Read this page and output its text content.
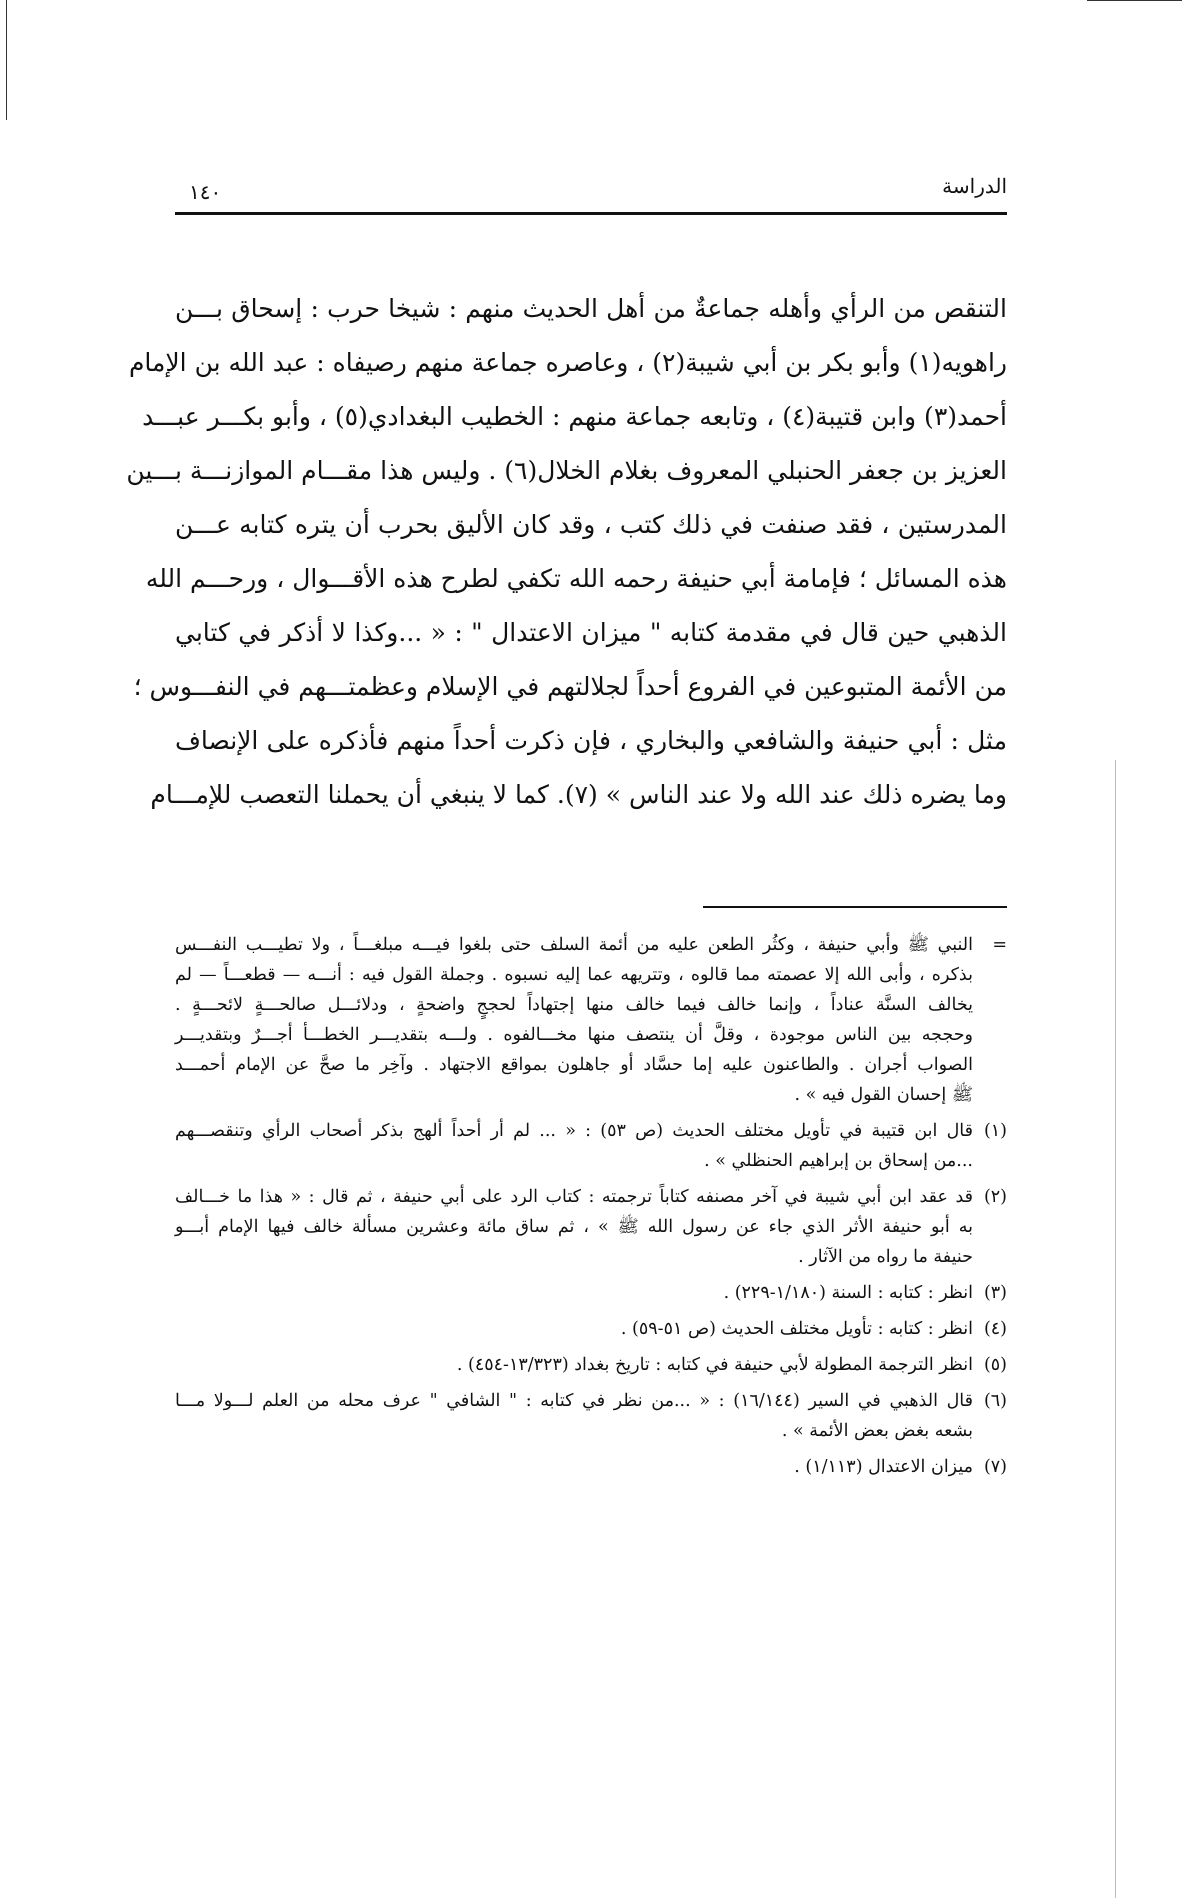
الدراسة
١٤٠

التنقص من الرأي وأهله جماعةٌ من أهل الحديث منهم : شيخا حرب : إسحاق بـــن

راهويه(١) وأبو بكر بن أبي شيبة(٢) ، وعاصره جماعة منهم رصيفاه : عبد الله بن الإمام

أحمد(٣) وابن قتيبة(٤) ، وتابعه جماعة منهم : الخطيب البغدادي(٥) ، وأبو بكـــر عبـــد

العزيز بن جعفر الحنبلي المعروف بغلام الخلال(٦) . وليس هذا مقـــام الموازنـــة بـــين

المدرستين ، فقد صنفت في ذلك كتب ، وقد كان الأليق بحرب أن يتره كتابه عـــن

هذه المسائل ؛ فإمامة أبي حنيفة رحمه الله تكفي لطرح هذه الأقـــوال ، ورحـــم الله

الذهبي حين قال في مقدمة كتابه " ميزان الاعتدال " : « ...وكذا لا أذكر في كتابي

من الأئمة المتبوعين في الفروع أحداً لجلالتهم في الإسلام وعظمتـــهم في النفـــوس ؛

مثل : أبي حنيفة والشافعي والبخاري ، فإن ذكرت أحداً منهم فأذكره على الإنصاف

وما يضره ذلك عند الله ولا عند الناس » (٧). كما لا ينبغي أن يحملنا التعصب للإمـــام

=
النبي ﷺ وأبي حنيفة ، وكثُر الطعن عليه من أئمة السلف حتى بلغوا فيـــه مبلغـــاً ، ولا تطيـــب النفـــس
بذكره ، وأبى الله إلا عصمته مما قالوه ، وتتريهه عما إليه نسبوه . وجملة القول فيه : أنـــه — قطعـــاً — لم
يخالف السنَّة عناداً ، وإنما خالف فيما خالف منها إجتهاداً لحججٍ واضحةٍ ، ودلائـــل صالحـــةٍ لائحـــةٍ .
وحججه بين الناس موجودة ، وقلَّ أن ينتصف منها مخـــالفوه . ولـــه بتقديـــر الخطـــأ أجـــرٌ وبتقديـــر
الصواب أجران . والطاعنون عليه إما حسَّاد أو جاهلون بمواقع الاجتهاد . وآخِر ما صحَّ عن الإمام أحمـــد
ﷺ إحسان القول فيه » .
(١)
قال ابن قتيبة في تأويل مختلف الحديث (ص ٥٣) : « ... لم أر أحداً ألهج بذكر أصحاب الرأي وتنقصـــهم
...من إسحاق بن إبراهيم الحنظلي » .
(٢)
قد عقد ابن أبي شيبة في آخر مصنفه كتاباً ترجمته : كتاب الرد على أبي حنيفة ، ثم قال : « هذا ما خـــالف
به أبو حنيفة الأثر الذي جاء عن رسول الله ﷺ » ، ثم ساق مائة وعشرين مسألة خالف فيها الإمام أبـــو
حنيفة ما رواه من الآثار .
(٣)
انظر : كتابه : السنة (١/١٨٠-٢٢٩) .
(٤)
انظر : كتابه : تأويل مختلف الحديث (ص ٥١-٥٩) .
(٥)
انظر الترجمة المطولة لأبي حنيفة في كتابه : تاريخ بغداد (١٣/٣٢٣-٤٥٤) .
(٦)
قال الذهبي في السير (١٦/١٤٤) : « ...من نظر في كتابه : " الشافي " عرف محله من العلم لـــولا مـــا
بشعه بغض بعض الأئمة » .
(٧)
ميزان الاعتدال (١/١١٣) .
